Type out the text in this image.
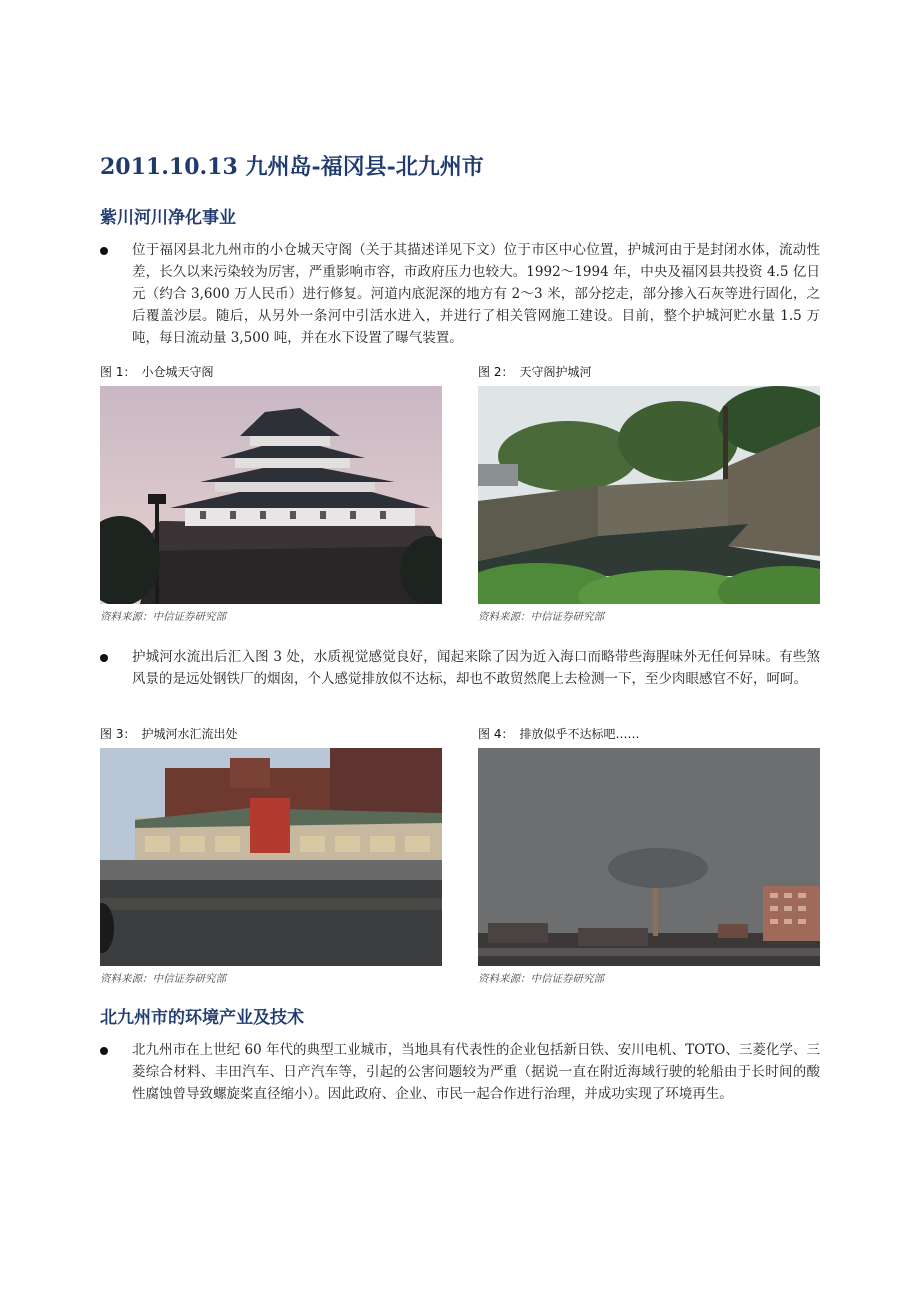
2011.10.13 九州岛-福冈县-北九州市
紫川河川净化事业

位于福冈县北九州市的小仓城天守阁（关于其描述详见下文）位于市区中心位置，护城河由于是封闭水体，流动性差，长久以来污染较为厉害，严重影响市容，市政府压力也较大。1992～1994 年，中央及福冈县共投资 4.5 亿日元（约合 3,600 万人民币）进行修复。河道内底泥深的地方有 2～3 米，部分挖走，部分掺入石灰等进行固化，之后覆盖沙层。随后，从另外一条河中引活水进入，并进行了相关管网施工建设。目前，整个护城河贮水量 1.5 万吨，每日流动量 3,500 吨，并在水下设置了曝气装置。

图 1： 小仓城天守阁
资料来源：中信证券研究部
图 2： 天守阁护城河
资料来源：中信证券研究部

护城河水流出后汇入图 3 处，水质视觉感觉良好，闻起来除了因为近入海口而略带些海腥味外无任何异味。有些煞风景的是远处钢铁厂的烟囱，个人感觉排放似不达标，却也不敢贸然爬上去检测一下，至少肉眼感官不好，呵呵。

图 3： 护城河水汇流出处
资料来源：中信证券研究部
图 4： 排放似乎不达标吧……
资料来源：中信证券研究部
北九州市的环境产业及技术

北九州市在上世纪 60 年代的典型工业城市，当地具有代表性的企业包括新日铁、安川电机、TOTO、三菱化学、三菱综合材料、丰田汽车、日产汽车等，引起的公害问题较为严重（据说一直在附近海域行驶的轮船由于长时间的酸性腐蚀曾导致螺旋桨直径缩小）。因此政府、企业、市民一起合作进行治理，并成功实现了环境再生。
